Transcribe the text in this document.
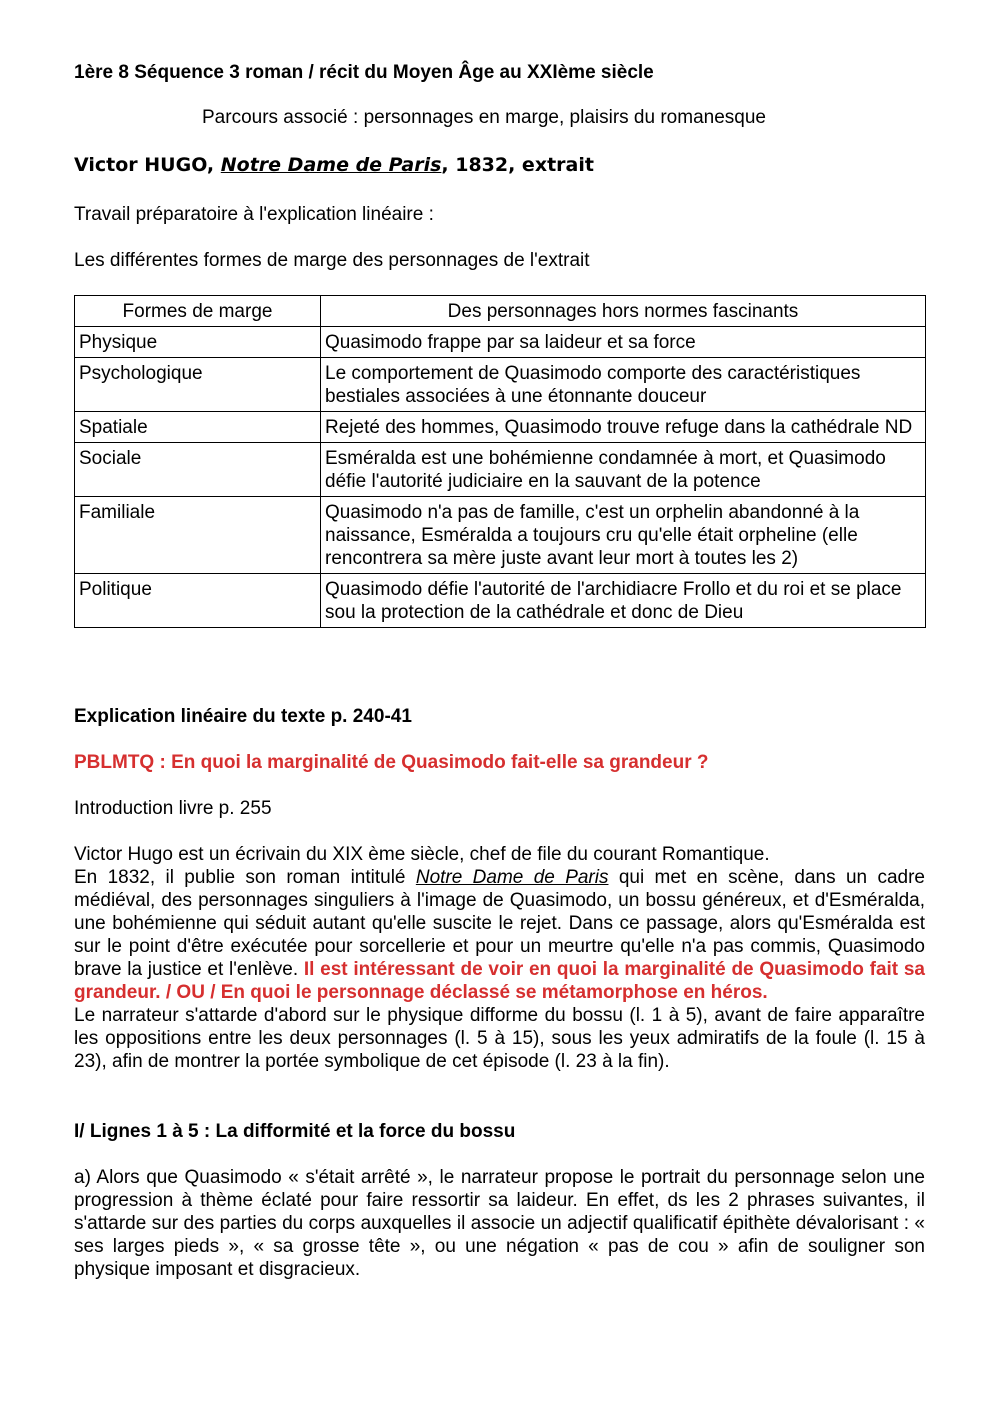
1ère 8 Séquence 3 roman / récit du Moyen Âge au XXIème siècle
Parcours associé : personnages en marge, plaisirs du romanesque
Victor HUGO, Notre Dame de Paris, 1832, extrait
Travail préparatoire à l'explication linéaire :
Les différentes formes de marge des personnages de l'extrait
Formes de marge	Des personnages hors normes fascinants
Physique	Quasimodo frappe par sa laideur et sa force
Psychologique	Le comportement de Quasimodo comporte des caractéristiques bestiales associées à une étonnante douceur
Spatiale	Rejeté des hommes, Quasimodo trouve refuge dans la cathédrale ND
Sociale	Esméralda est une bohémienne condamnée à mort, et Quasimodo défie l'autorité judiciaire en la sauvant de la potence
Familiale	Quasimodo n'a pas de famille, c'est un orphelin abandonné à la naissance, Esméralda a toujours cru qu'elle était orpheline (elle rencontrera sa mère juste avant leur mort à toutes les 2)
Politique	Quasimodo défie l'autorité de l'archidiacre Frollo et du roi et se place sou la protection de la cathédrale et donc de Dieu
Explication linéaire du texte p. 240-41
PBLMTQ : En quoi la marginalité de Quasimodo fait-elle sa grandeur ?
Introduction livre p. 255

Victor Hugo est un écrivain du XIX ème siècle, chef de file du courant Romantique.

En 1832, il publie son roman intitulé Notre Dame de Paris qui met en scène, dans un cadre médiéval, des personnages singuliers à l'image de Quasimodo, un bossu généreux, et d'Esméralda, une bohémienne qui séduit autant qu'elle suscite le rejet. Dans ce passage, alors qu'Esméralda est sur le point d'être exécutée pour sorcellerie et pour un meurtre qu'elle n'a pas commis, Quasimodo brave la justice et l'enlève. Il est intéressant de voir en quoi la marginalité de Quasimodo fait sa grandeur. / OU / En quoi le personnage déclassé se métamorphose en héros.

Le narrateur s'attarde d'abord sur le physique difforme du bossu (l. 1 à 5), avant de faire apparaître les oppositions entre les deux personnages (l. 5 à 15), sous les yeux admiratifs de la foule (l. 15 à 23), afin de montrer la portée symbolique de cet épisode (l. 23 à la fin).

I/ Lignes 1 à 5 : La difformité et la force du bossu
a) Alors que Quasimodo « s'était arrêté », le narrateur propose le portrait du personnage selon une progression à thème éclaté pour faire ressortir sa laideur. En effet, ds les 2 phrases suivantes, il s'attarde sur des parties du corps auxquelles il associe un adjectif qualificatif épithète dévalorisant : « ses larges pieds », « sa grosse tête », ou une négation « pas de cou » afin de souligner son physique imposant et disgracieux.
